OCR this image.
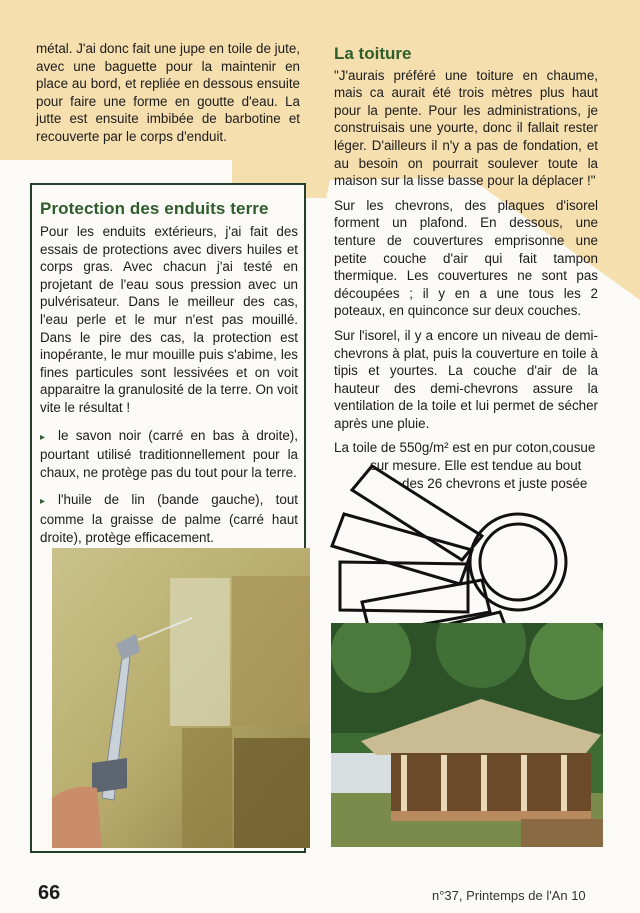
métal. J'ai donc fait une jupe en toile de jute, avec une baguette pour la maintenir en place au bord, et repliée en dessous ensuite pour faire une forme en goutte d'eau. La jutte est ensuite imbibée de barbotine et recouverte par le corps d'enduit.

Protection des enduits terre

Pour les enduits extérieurs, j'ai fait des essais de protections avec divers huiles et corps gras. Avec chacun j'ai testé en projetant de l'eau sous pression avec un pulvérisateur. Dans le meilleur des cas, l'eau perle et le mur n'est pas mouillé. Dans le pire des cas, la protection est inopérante, le mur mouille puis s'abime, les fines particules sont lessivées et on voit apparaitre la granulosité de la terre. On voit vite le résultat !

▸ le savon noir (carré en bas à droite), pourtant utilisé traditionnellement pour la chaux, ne protège pas du tout pour la terre.

▸ l'huile de lin (bande gauche), tout comme la graisse de palme (carré haut droite), protège efficacement.

La toiture

"J'aurais préféré une toiture en chaume, mais ca aurait été trois mètres plus haut pour la pente. Pour les administrations, je construisais une yourte, donc il fallait rester léger. D'ailleurs il n'y a pas de fondation, et au besoin on pourrait soulever toute la maison sur la lisse basse pour la déplacer !"

Sur les chevrons, des plaques d'isorel forment un plafond. En dessous, une tenture de couvertures emprisonne une petite couche d'air qui fait tampon thermique. Les couvertures ne sont pas découpées ; il y en a une tous les 2 poteaux, en quinconce sur deux couches.

Sur l'isorel, il y a encore un niveau de demi-chevrons à plat, puis la couverture en toile à tipis et yourtes. La couche d'air de la hauteur des demi-chevrons assure la ventilation de la toile et lui permet de sécher après une pluie.

La toile de 550g/m² est en pur coton,cousue
sur mesure. Elle est tendue au bout
des 26 chevrons et juste posée

66	n°37, Printemps de l'An 10
